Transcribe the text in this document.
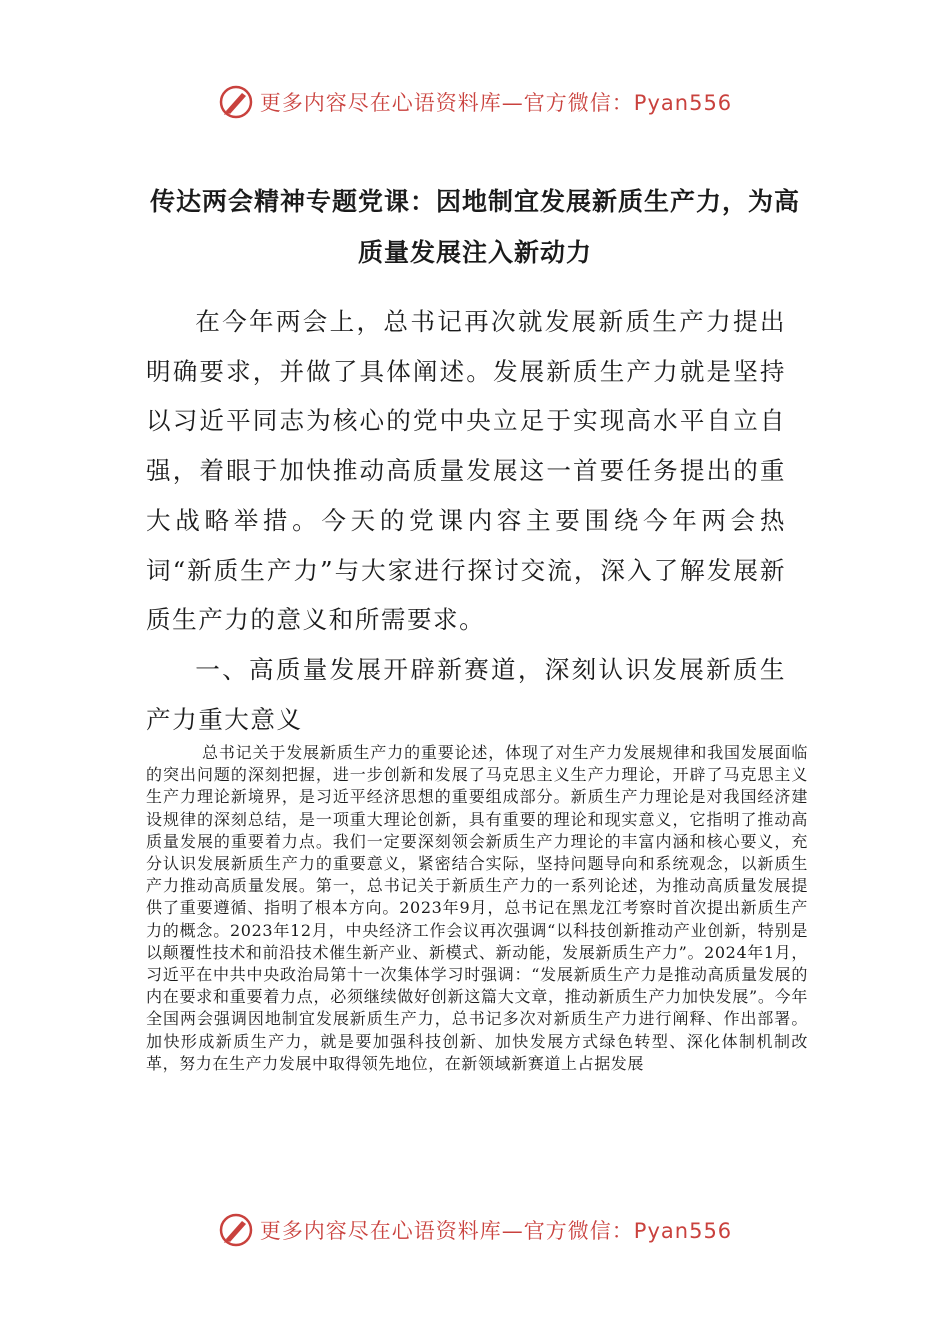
更多内容尽在心语资料库—官方微信：Pyan556
传达两会精神专题党课：因地制宜发展新质生产力，为高
质量发展注入新动力

在今年两会上，总书记再次就发展新质生产力提出明确要求，并做了具体阐述。发展新质生产力就是坚持以习近平同志为核心的党中央立足于实现高水平自立自强，着眼于加快推动高质量发展这一首要任务提出的重大战略举措。今天的党课内容主要围绕今年两会热词“新质生产力”与大家进行探讨交流，深入了解发展新质生产力的意义和所需要求。

一、高质量发展开辟新赛道，深刻认识发展新质生产力重大意义

总书记关于发展新质生产力的重要论述，体现了对生产力发展规律和我国发展面临的突出问题的深刻把握，进一步创新和发展了马克思主义生产力理论，开辟了马克思主义生产力理论新境界，是习近平经济思想的重要组成部分。新质生产力理论是对我国经济建设规律的深刻总结，是一项重大理论创新，具有重要的理论和现实意义，它指明了推动高质量发展的重要着力点。我们一定要深刻领会新质生产力理论的丰富内涵和核心要义，充分认识发展新质生产力的重要意义，紧密结合实际，坚持问题导向和系统观念，以新质生产力推动高质量发展。第一，总书记关于新质生产力的一系列论述，为推动高质量发展提供了重要遵循、指明了根本方向。2023年9月，总书记在黑龙江考察时首次提出新质生产力的概念。2023年12月，中央经济工作会议再次强调“以科技创新推动产业创新，特别是以颠覆性技术和前沿技术催生新产业、新模式、新动能，发展新质生产力”。2024年1月，习近平在中共中央政治局第十一次集体学习时强调：“发展新质生产力是推动高质量发展的内在要求和重要着力点，必须继续做好创新这篇大文章，推动新质生产力加快发展”。今年全国两会强调因地制宜发展新质生产力，总书记多次对新质生产力进行阐释、作出部署。加快形成新质生产力，就是要加强科技创新、加快发展方式绿色转型、深化体制机制改革，努力在生产力发展中取得领先地位，在新领域新赛道上占据发展

更多内容尽在心语资料库—官方微信：Pyan556
